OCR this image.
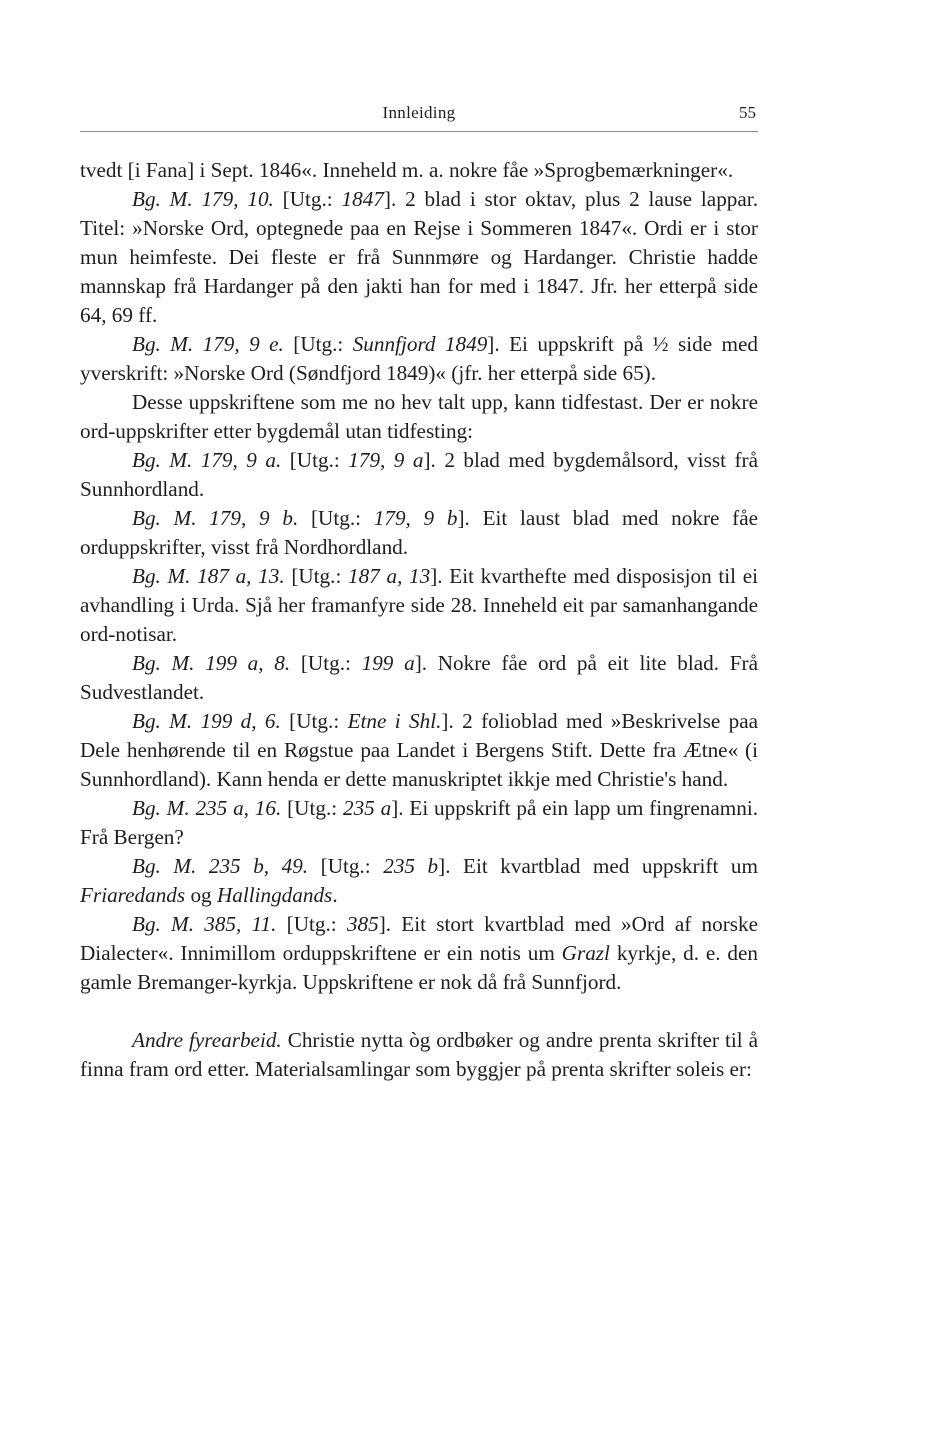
Innleiding	55

tvedt [i Fana] i Sept. 1846«. Inneheld m. a. nokre fåe »Sprogbemærkninger«.

Bg. M. 179, 10. [Utg.: 1847]. 2 blad i stor oktav, plus 2 lause lappar. Titel: »Norske Ord, optegnede paa en Rejse i Sommeren 1847«. Ordi er i stor mun heimfeste. Dei fleste er frå Sunnmøre og Hardanger. Christie hadde mannskap frå Hardanger på den jakti han for med i 1847. Jfr. her etterpå side 64, 69 ff.

Bg. M. 179, 9 e. [Utg.: Sunnfjord 1849]. Ei uppskrift på ½ side med yverskrift: »Norske Ord (Søndfjord 1849)« (jfr. her etterpå side 65).

Desse uppskriftene som me no hev talt upp, kann tidfestast. Der er nokre ord-uppskrifter etter bygdemål utan tidfesting:

Bg. M. 179, 9 a. [Utg.: 179, 9 a]. 2 blad med bygdemålsord, visst frå Sunnhordland.

Bg. M. 179, 9 b. [Utg.: 179, 9 b]. Eit laust blad med nokre fåe orduppskrifter, visst frå Nordhordland.

Bg. M. 187 a, 13. [Utg.: 187 a, 13]. Eit kvarthefte med disposisjon til ei avhandling i Urda. Sjå her framanfyre side 28. Inneheld eit par samanhangande ord-notisar.

Bg. M. 199 a, 8. [Utg.: 199 a]. Nokre fåe ord på eit lite blad. Frå Sudvestlandet.

Bg. M. 199 d, 6. [Utg.: Etne i Shl.]. 2 folioblad med »Beskrivelse paa Dele henhørende til en Røgstue paa Landet i Bergens Stift. Dette fra Ætne« (i Sunnhordland). Kann henda er dette manuskriptet ikkje med Christie's hand.

Bg. M. 235 a, 16. [Utg.: 235 a]. Ei uppskrift på ein lapp um fingrenamni. Frå Bergen?

Bg. M. 235 b, 49. [Utg.: 235 b]. Eit kvartblad med uppskrift um Friaredands og Hallingdands.

Bg. M. 385, 11. [Utg.: 385]. Eit stort kvartblad med »Ord af norske Dialecter«. Innimillom orduppskriftene er ein notis um Grazl kyrkje, d. e. den gamle Bremanger-kyrkja. Uppskriftene er nok då frå Sunnfjord.

Andre fyrearbeid. Christie nytta òg ordbøker og andre prenta skrifter til å finna fram ord etter. Materialsamlingar som byggjer på prenta skrifter soleis er:
